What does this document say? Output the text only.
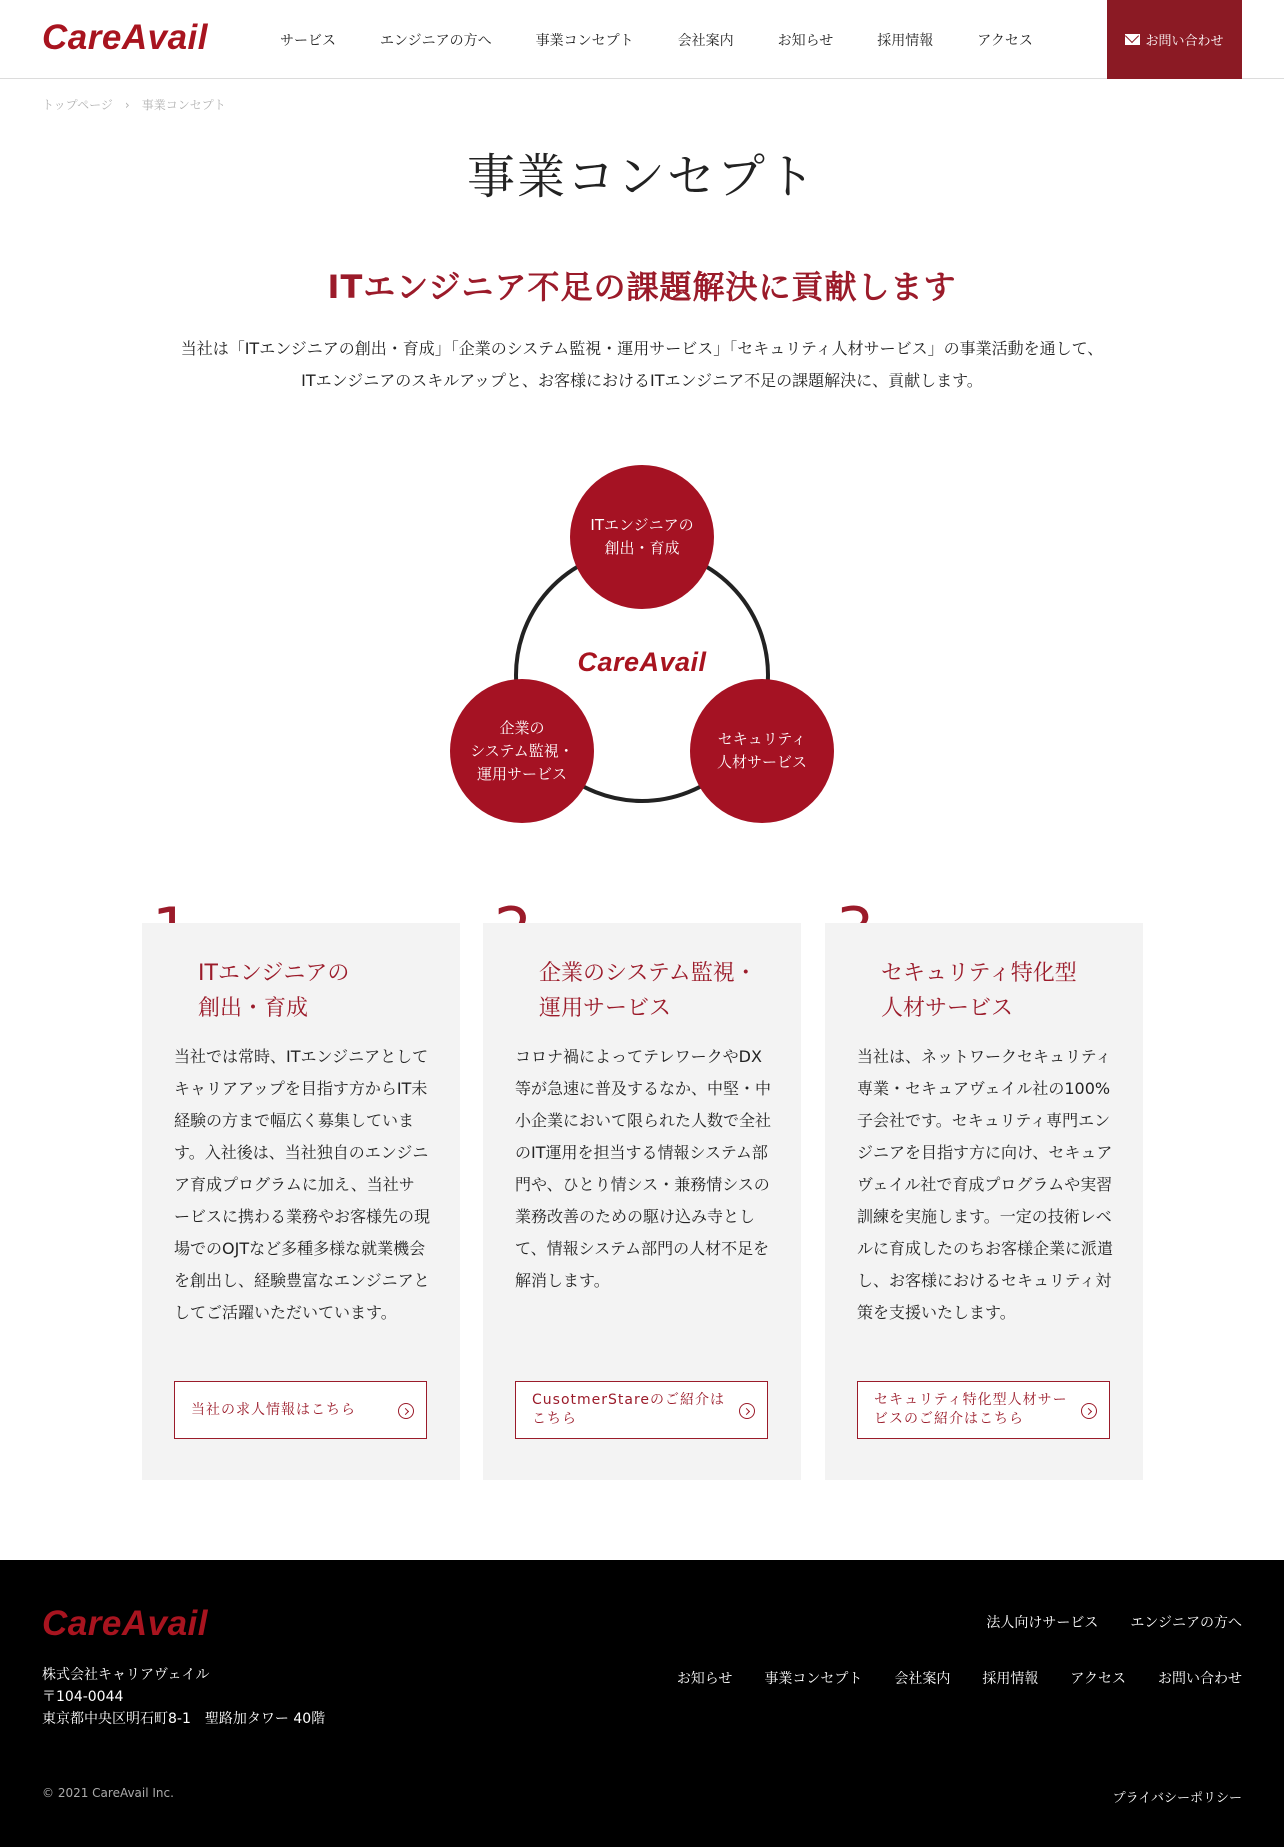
CareAvail	サービス	エンジニアの方へ	事業コンセプト	会社案内	お知らせ	採用情報	アクセス	お問い合わせ
トップページ › 事業コンセプト
事業コンセプト
ITエンジニア不足の課題解決に貢献します
当社は「ITエンジニアの創出・育成」「企業のシステム監視・運用サービス」「セキュリティ人材サービス」の事業活動を通して、
ITエンジニアのスキルアップと、お客様におけるITエンジニア不足の課題解決に、貢献します。
ITエンジニアの
創出・育成
企業の
システム監視・
運用サービス
セキュリティ
人材サービス
CareAvail
ITエンジニアの
創出・育成
当社では常時、ITエンジニアとしてキャリアアップを目指す方からIT未経験の方まで幅広く募集しています。入社後は、当社独自のエンジニア育成プログラムに加え、当社サービスに携わる業務やお客様先の現場でのOJTなど多種多様な就業機会を創出し、経験豊富なエンジニアとしてご活躍いただいています。
当社の求人情報はこちら
企業のシステム監視・
運用サービス
コロナ禍によってテレワークやDX等が急速に普及するなか、中堅・中小企業において限られた人数で全社のIT運用を担当する情報システム部門や、ひとり情シス・兼務情シスの業務改善のための駆け込み寺として、情報システム部門の人材不足を解消します。
CusotmerStareのご紹介はこちら
セキュリティ特化型
人材サービス
当社は、ネットワークセキュリティ専業・セキュアヴェイル社の100%子会社です。セキュリティ専門エンジニアを目指す方に向け、セキュアヴェイル社で育成プログラムや実習訓練を実施します。一定の技術レベルに育成したのちお客様企業に派遣し、お客様におけるセキュリティ対策を支援いたします。
セキュリティ特化型人材サービスのご紹介はこちら
CareAvail
株式会社キャリアヴェイル
〒104-0044
東京都中央区明石町8-1　聖路加タワー 40階
法人向けサービス エンジニアの方へ
お知らせ 事業コンセプト 会社案内 採用情報 アクセス お問い合わせ
© 2021 CareAvail Inc.	プライバシーポリシー
